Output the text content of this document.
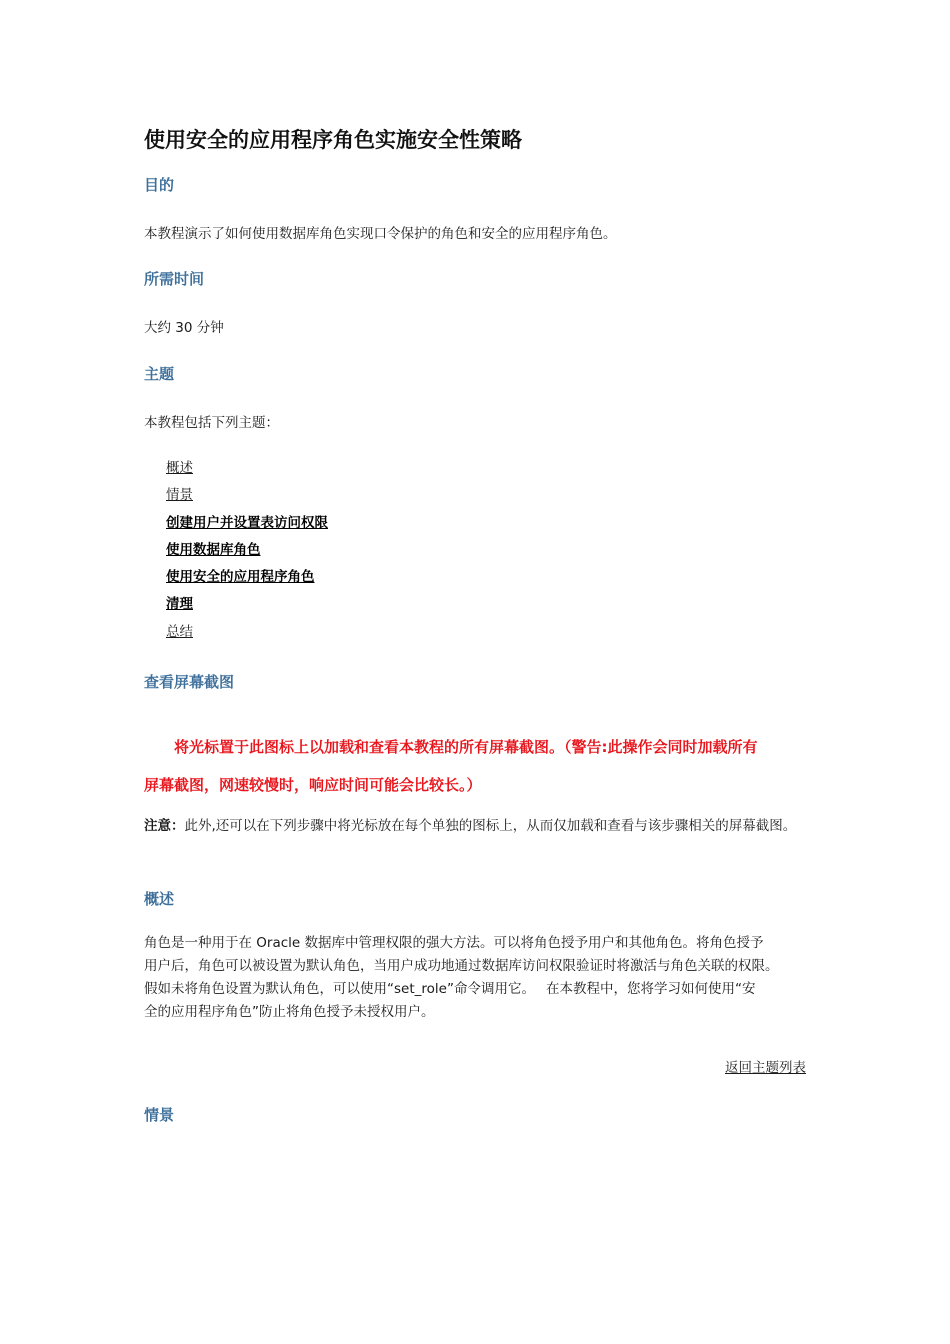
使用安全的应用程序角色实施安全性策略
目的

本教程演示了如何使用数据库角色实现口令保护的角色和安全的应用程序角色。

所需时间

大约 30 分钟

主题

本教程包括下列主题：

概述
情景
创建用户并设置表访问权限
使用数据库角色
使用安全的应用程序角色
清理
总结
查看屏幕截图

将光标置于此图标上以加载和查看本教程的所有屏幕截图。（警告:此操作会同时加载所有
屏幕截图，网速较慢时，响应时间可能会比较长。）

注意：此外,还可以在下列步骤中将光标放在每个单独的图标上，从而仅加载和查看与该步骤相关的屏幕截图。

概述

角色是一种用于在 Oracle 数据库中管理权限的强大方法。可以将角色授予用户和其他角色。将角色授予
用户后，角色可以被设置为默认角色，当用户成功地通过数据库访问权限验证时将激活与角色关联的权限。
假如未将角色设置为默认角色，可以使用“set_role”命令调用它。　 在本教程中，您将学习如何使用“安
全的应用程序角色”防止将角色授予未授权用户。

返回主题列表
情景
